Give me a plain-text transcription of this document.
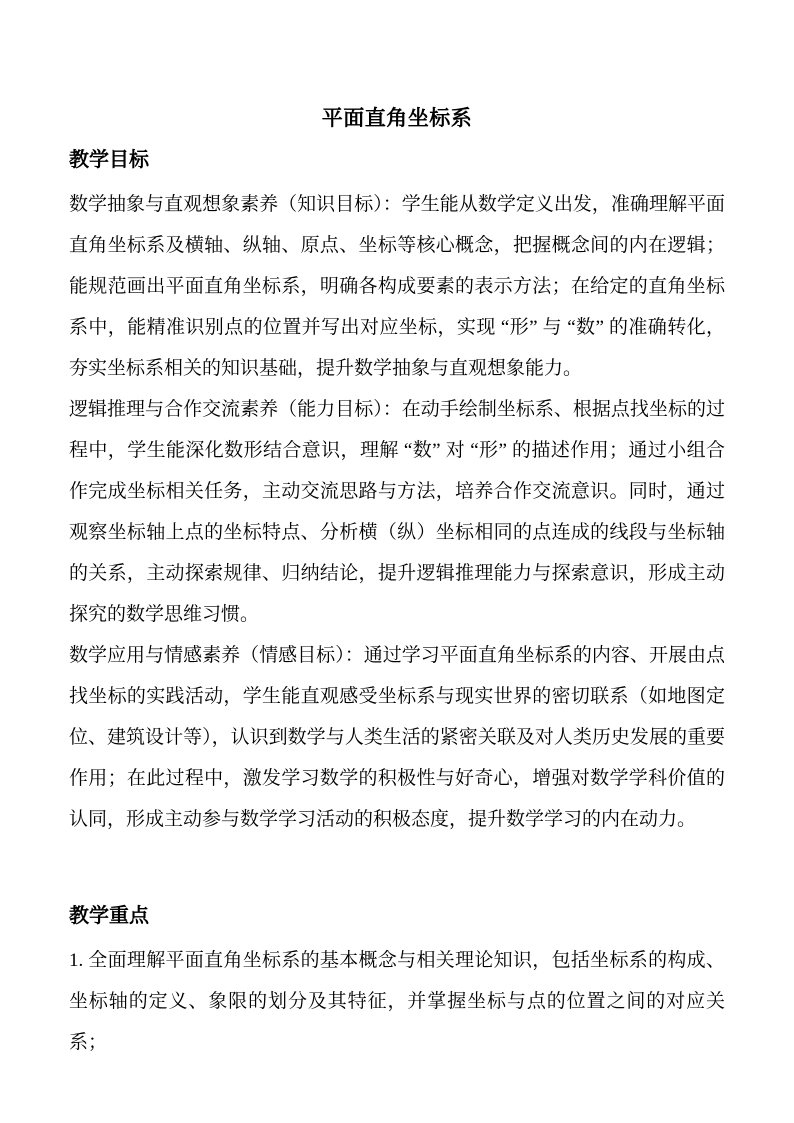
平面直角坐标系
教学目标

数学抽象与直观想象素养（知识目标）：学生能从数学定义出发，准确理解平面直角坐标系及横轴、纵轴、原点、坐标等核心概念，把握概念间的内在逻辑；能规范画出平面直角坐标系，明确各构成要素的表示方法；在给定的直角坐标系中，能精准识别点的位置并写出对应坐标，实现 “形” 与 “数” 的准确转化，夯实坐标系相关的知识基础，提升数学抽象与直观想象能力。

逻辑推理与合作交流素养（能力目标）：在动手绘制坐标系、根据点找坐标的过程中，学生能深化数形结合意识，理解 “数” 对 “形” 的描述作用；通过小组合作完成坐标相关任务，主动交流思路与方法，培养合作交流意识。同时，通过观察坐标轴上点的坐标特点、分析横（纵）坐标相同的点连成的线段与坐标轴的关系，主动探索规律、归纳结论，提升逻辑推理能力与探索意识，形成主动探究的数学思维习惯。

数学应用与情感素养（情感目标）：通过学习平面直角坐标系的内容、开展由点找坐标的实践活动，学生能直观感受坐标系与现实世界的密切联系（如地图定位、建筑设计等），认识到数学与人类生活的紧密关联及对人类历史发展的重要作用；在此过程中，激发学习数学的积极性与好奇心，增强对数学学科价值的认同，形成主动参与数学学习活动的积极态度，提升数学学习的内在动力。

教学重点

1. 全面理解平面直角坐标系的基本概念与相关理论知识，包括坐标系的构成、坐标轴的定义、象限的划分及其特征，并掌握坐标与点的位置之间的对应关系；
